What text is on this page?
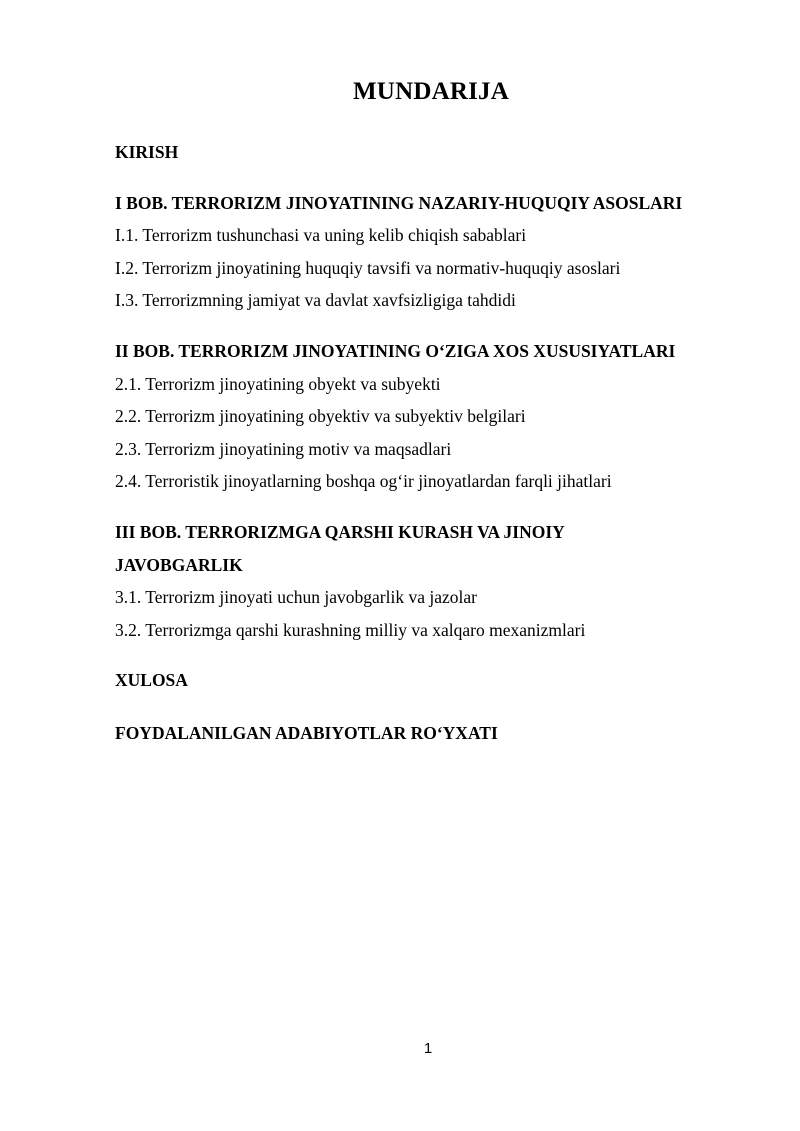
MUNDARIJA
KIRISH
I BOB. TERRORIZM JINOYATINING NAZARIY-HUQUQIY ASOSLARI
I.1. Terrorizm tushunchasi va uning kelib chiqish sabablari
I.2. Terrorizm jinoyatining huquqiy tavsifi va normativ-huquqiy asoslari
I.3. Terrorizmning jamiyat va davlat xavfsizligiga tahdidi
II BOB. TERRORIZM JINOYATINING O‘ZIGA XOS XUSUSIYATLARI
2.1. Terrorizm jinoyatining obyekt va subyekti
2.2. Terrorizm jinoyatining obyektiv va subyektiv belgilari
2.3. Terrorizm jinoyatining motiv va maqsadlari
2.4. Terroristik jinoyatlarning boshqa og‘ir jinoyatlardan farqli jihatlari
III BOB. TERRORIZMGA QARSHI KURASH VA JINOIY
JAVOBGARLIK
3.1. Terrorizm jinoyati uchun javobgarlik va jazolar
3.2. Terrorizmga qarshi kurashning milliy va xalqaro mexanizmlari
XULOSA
FOYDALANILGAN ADABIYOTLAR RO‘YXATI
1
